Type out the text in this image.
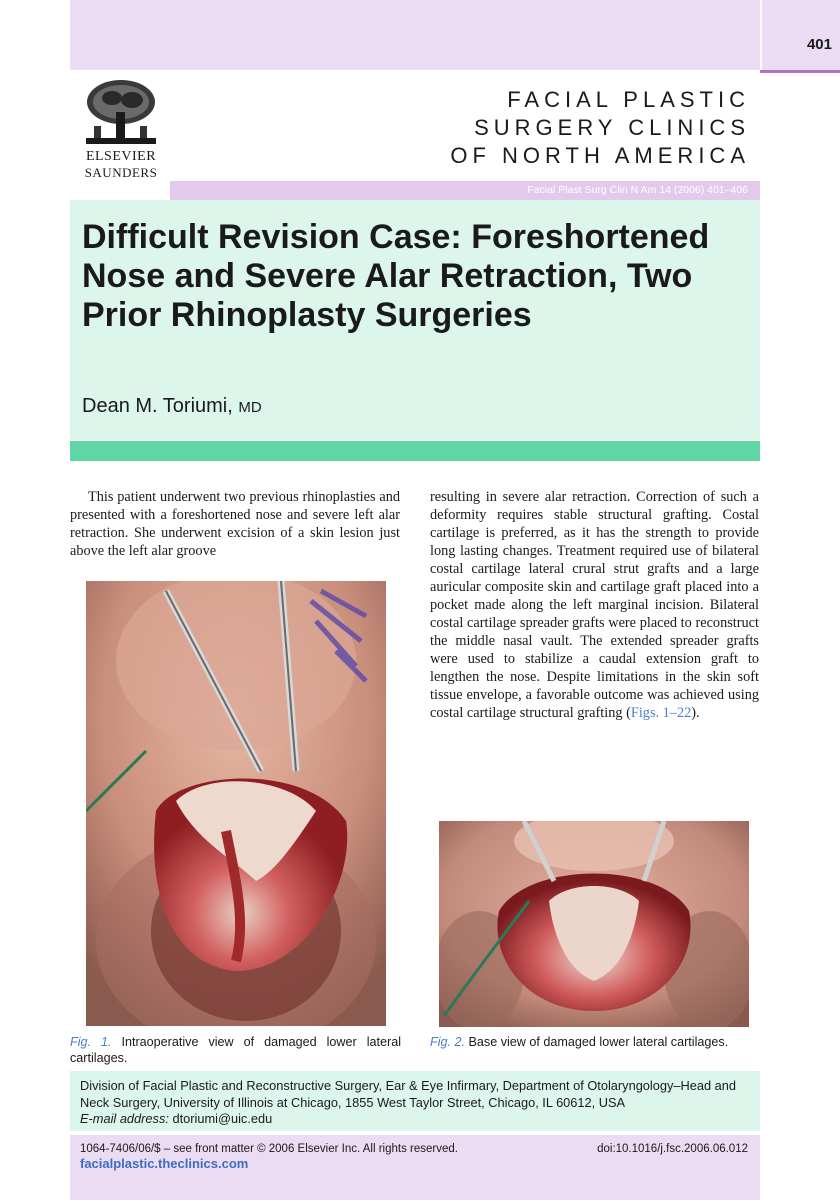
401
ELSEVIER
SAUNDERS
FACIAL PLASTIC
SURGERY CLINICS
OF NORTH AMERICA
Facial Plast Surg Clin N Am 14 (2006) 401–406
Difficult Revision Case: Foreshortened Nose and Severe Alar Retraction, Two Prior Rhinoplasty Surgeries
Dean M. Toriumi, MD
This patient underwent two previous rhinoplasties and presented with a foreshortened nose and severe left alar retraction. She underwent excision of a skin lesion just above the left alar groove
resulting in severe alar retraction. Correction of such a deformity requires stable structural grafting. Costal cartilage is preferred, as it has the strength to provide long lasting changes. Treatment required use of bilateral costal cartilage lateral crural strut grafts and a large auricular composite skin and cartilage graft placed into a pocket made along the left marginal incision. Bilateral costal cartilage spreader grafts were placed to reconstruct the middle nasal vault. The extended spreader grafts were used to stabilize a caudal extension graft to lengthen the nose. Despite limitations in the skin soft tissue envelope, a favorable outcome was achieved using costal cartilage structural grafting (Figs. 1–22).
Fig. 1. Intraoperative view of damaged lower lateral cartilages.
Fig. 2. Base view of damaged lower lateral cartilages.
Division of Facial Plastic and Reconstructive Surgery, Ear & Eye Infirmary, Department of Otolaryngology–Head and Neck Surgery, University of Illinois at Chicago, 1855 West Taylor Street, Chicago, IL 60612, USA
E-mail address: dtoriumi@uic.edu
1064-7406/06/$ – see front matter © 2006 Elsevier Inc. All rights reserved.	doi:10.1016/j.fsc.2006.06.012
facialplastic.theclinics.com
